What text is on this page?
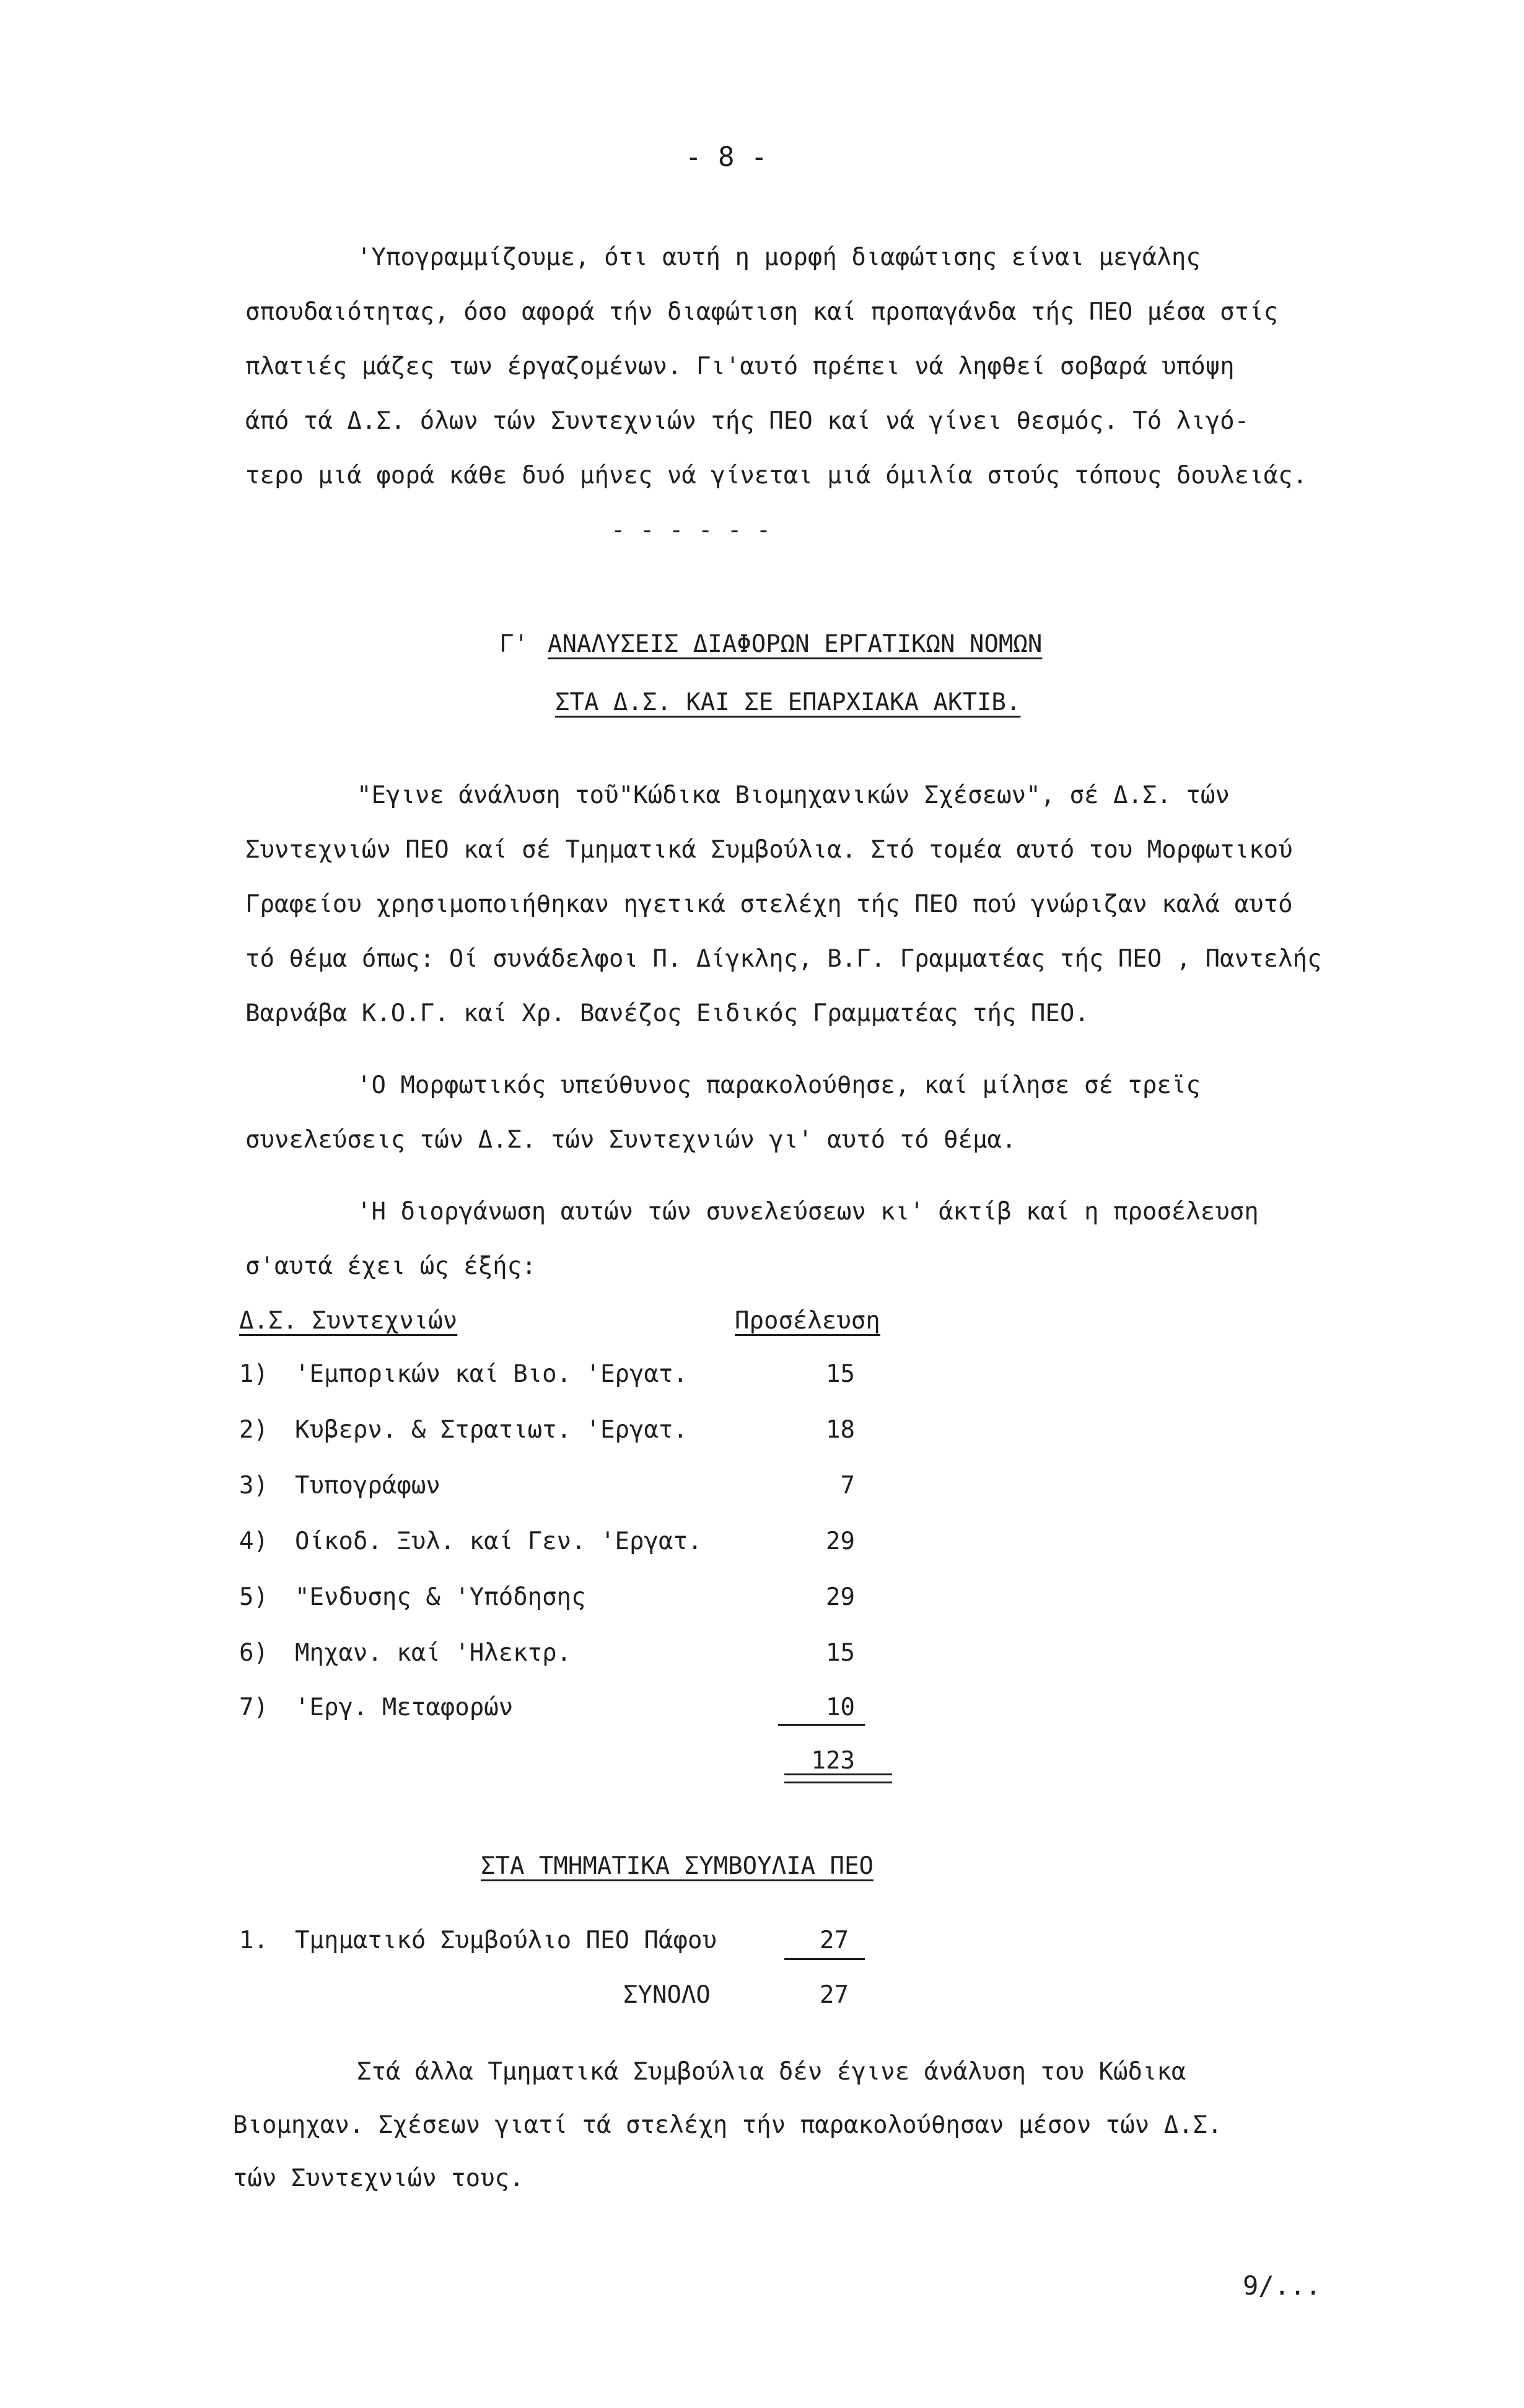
- 8 -
'Υπογραμμίζουμε, ότι αυτή η μορφή διαφώτισης είναι μεγάλης
σπουδαιότητας, όσο αφορά τήν διαφώτιση καί προπαγάνδα τής ΠΕΟ μέσα στίς
πλατιές μάζες των έργαζομένων. Γι'αυτό πρέπει νά ληφθεί σοβαρά υπόψη
άπό τά Δ.Σ. όλων τών Συντεχνιών τής ΠΕΟ καί νά γίνει θεσμός. Τό λιγό-
τερο μιά φορά κάθε δυό μήνες νά γίνεται μιά όμιλία στούς τόπους δουλειάς.
- - - - - -
Γ' ΑΝΑΛΥΣΕΙΣ ΔΙΑΦΟΡΩΝ ΕΡΓΑΤΙΚΩΝ ΝΟΜΩΝ
ΣΤΑ Δ.Σ. ΚΑΙ ΣΕ ΕΠΑΡΧΙΑΚΑ ΑΚΤΙΒ.
"Εγινε άνάλυση τοῦ"Κώδικα Βιομηχανικών Σχέσεων", σέ Δ.Σ. τών
Συντεχνιών ΠΕΟ καί σέ Τμηματικά Συμβούλια. Στό τομέα αυτό του Μορφωτικού
Γραφείου χρησιμοποιήθηκαν ηγετικά στελέχη τής ΠΕΟ πού γνώριζαν καλά αυτό
τό θέμα όπως: Οί συνάδελφοι Π. Δίγκλης, Β.Γ. Γραμματέας τής ΠΕΟ , Παντελής
Βαρνάβα Κ.Ο.Γ. καί Χρ. Βανέζος Ειδικός Γραμματέας τής ΠΕΟ.
'Ο Μορφωτικός υπεύθυνος παρακολούθησε, καί μίλησε σέ τρεϊς
συνελεύσεις τών Δ.Σ. τών Συντεχνιών γι' αυτό τό θέμα.
'Η διοργάνωση αυτών τών συνελεύσεων κι' άκτίβ καί η προσέλευση
σ'αυτά έχει ώς έξής:
Δ.Σ. Συντεχνιών	Προσέλευση
1) 'Εμπορικών καί Βιο. 'Εργατ.	15
2) Κυβερν. & Στρατιωτ. 'Εργατ.	18
3) Τυπογράφων	7
4) Οίκοδ. Ξυλ. καί Γεν. 'Εργατ.	29
5) "Ενδυσης & 'Υπόδησης	29
6) Μηχαν. καί 'Ηλεκτρ.	15
7) 'Εργ. Μεταφορών	10
123
ΣΤΑ ΤΜΗΜΑΤΙΚΑ ΣΥΜΒΟΥΛΙΑ ΠΕΟ
1. Τμηματικό Συμβούλιο ΠΕΟ Πάφου	27
ΣΥΝΟΛΟ	27
Στά άλλα Τμηματικά Συμβούλια δέν έγινε άνάλυση του Κώδικα
Βιομηχαν. Σχέσεων γιατί τά στελέχη τήν παρακολούθησαν μέσον τών Δ.Σ.
τών Συντεχνιών τους.
9/...
